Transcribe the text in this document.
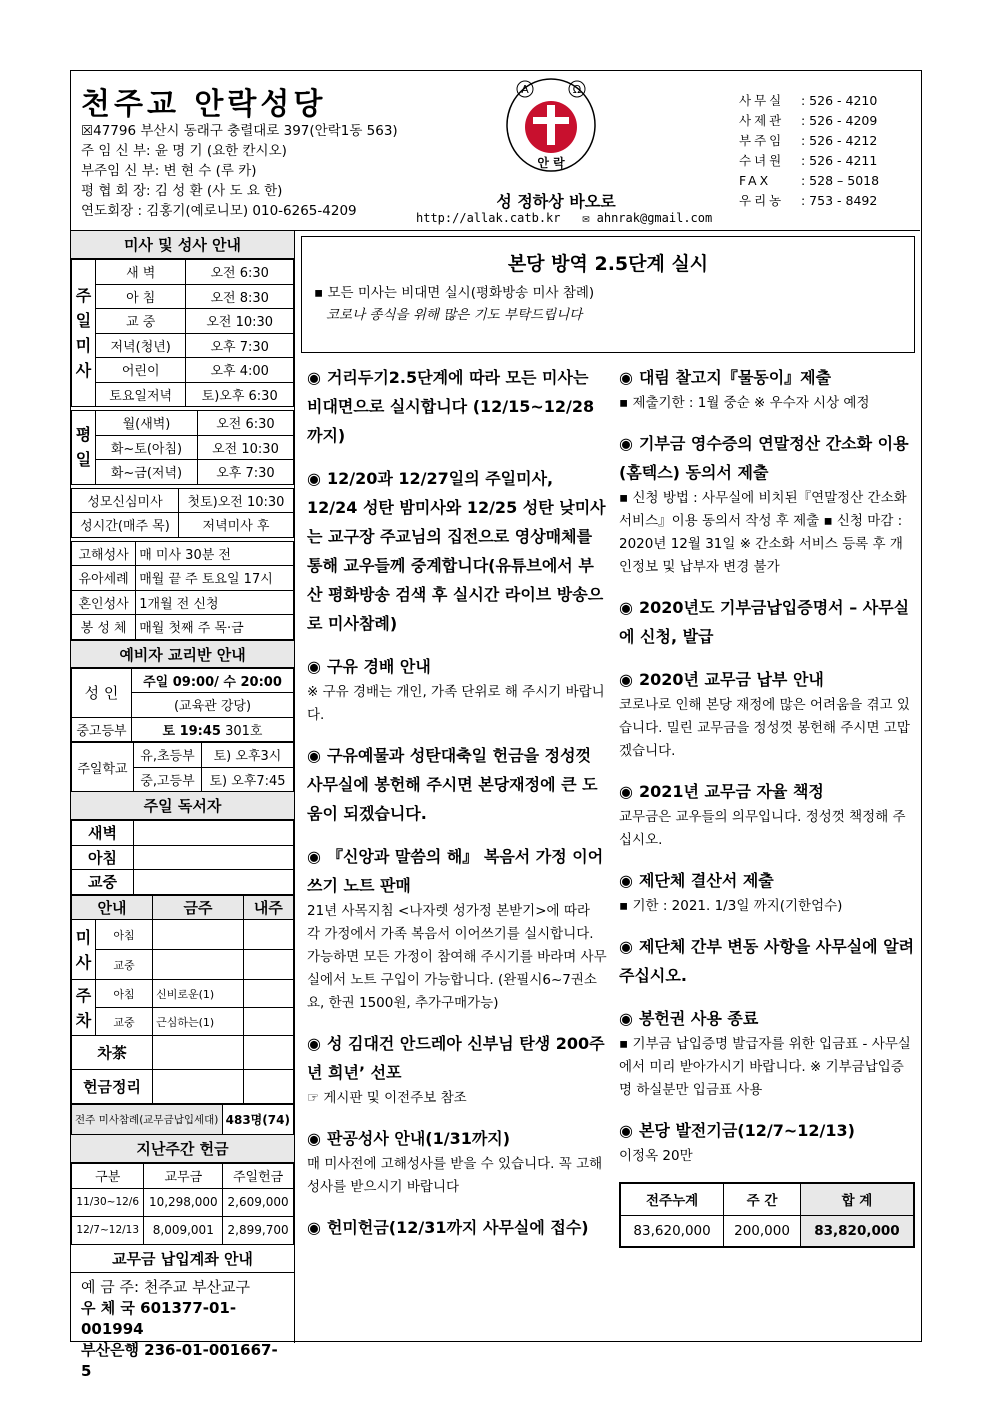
천주교 안락성당
☒47796 부산시 동래구 충렬대로 397(안락1동 563)
주 임 신 부: 윤 명 기 (요한 칸시오)
부주임 신 부: 변 현 수 (루 카)
평 협 회 장: 김 성 환 (사 도 요 한)
연도회장 : 김홍기(예로니모) 010-6265-4209
A	Ω
안 락
성 정하상 바오로
http://allak.catb.kr ✉ ahnrak@gmail.com
사무실 : 526 - 4210
사제관 : 526 - 4209
부주임 : 526 - 4212
수녀원 : 526 - 4211
FAX : 528 – 5018
우리농 : 753 - 8492
미사 및 성사 안내
주일미사	새 벽	오전 6:30
	아 침	오전 8:30
	교 중	오전 10:30
	저녁(청년)	오후 7:30
	어린이	오후 4:00
	토요일저녁	토)오후 6:30
평일	월(새벽)	오전 6:30
	화~토(아침)	오전 10:30
	화~금(저녁)	오후 7:30
성모신심미사	첫토)오전 10:30
성시간(매주 목)	저녁미사 후
고해성사	매 미사 30분 전
유아세례	매월 끝 주 토요일 17시
혼인성사	1개월 전 신청
봉 성 체	매월 첫째 주 목·금
예비자 교리반 안내
성 인	주일 09:00/ 수 20:00
	(교육관 강당)
중고등부	토 19:45 301호
주일학교	유,초등부	토) 오후3시
	중,고등부	토) 오후7:45
주일 독서자
새벽	
아침	
교중	
안내		금주	내주
미사	아침		
	교중		
주차	아침	신비로운(1)	
	교중	근심하는(1)	
차茶			
헌금정리			
전주 미사참례(교무금납입세대)	483명(74)
지난주간 헌금
구분	교무금	주일헌금
11/30~12/6	10,298,000	2,609,000
12/7~12/13	8,009,001	2,899,700
교무금 납입계좌 안내
예 금 주: 천주교 부산교구
우 체 국 601377-01-001994
부산은행 236-01-001667-5
본당 방역 2.5단계 실시

▪ 모든 미사는 비대면 실시(평화방송 미사 참례)

코로나 종식을 위해 많은 기도 부탁드립니다

◉ 거리두기2.5단계에 따라 모든 미사는 비대면으로 실시합니다 (12/15~12/28까지)
◉ 12/20과 12/27일의 주일미사, 12/24 성탄 밤미사와 12/25 성탄 낮미사는 교구장 주교님의 집전으로 영상매체를 통해 교우들께 중계합니다(유튜브에서 부산 평화방송 검색 후 실시간 라이브 방송으로 미사참례)
◉ 구유 경배 안내
※ 구유 경배는 개인, 가족 단위로 해 주시기 바랍니다.
◉ 구유예물과 성탄대축일 헌금을 정성껏 사무실에 봉헌해 주시면 본당재정에 큰 도움이 되겠습니다.
◉ 『신앙과 말씀의 해』 복음서 가정 이어쓰기 노트 판매
21년 사목지침 <나자렛 성가정 본받기>에 따라 각 가정에서 가족 복음서 이어쓰기를 실시합니다. 가능하면 모든 가정이 참여해 주시기를 바라며 사무실에서 노트 구입이 가능합니다. (완필시6~7권소요, 한권 1500원, 추가구매가능)
◉ 성 김대건 안드레아 신부님 탄생 200주년 희년’ 선포
☞ 게시판 및 이전주보 참조
◉ 판공성사 안내(1/31까지)
매 미사전에 고해성사를 받을 수 있습니다. 꼭 고해성사를 받으시기 바랍니다
◉ 헌미헌금(12/31까지 사무실에 접수)
◉ 대림 찰고지『물동이』제출
▪ 제출기한 : 1월 중순 ※ 우수자 시상 예정
◉ 기부금 영수증의 연말정산 간소화 이용(홈텍스) 동의서 제출
▪ 신청 방법 : 사무실에 비치된『연말정산 간소화 서비스』이용 동의서 작성 후 제출 ▪ 신청 마감 : 2020년 12월 31일 ※ 간소화 서비스 등록 후 개인정보 및 납부자 변경 불가
◉ 2020년도 기부금납입증명서 – 사무실에 신청, 발급
◉ 2020년 교무금 납부 안내
코로나로 인해 본당 재정에 많은 어려움을 겪고 있습니다. 밀린 교무금을 정성껏 봉헌해 주시면 고맙겠습니다.
◉ 2021년 교무금 자율 책정
교무금은 교우들의 의무입니다. 정성껏 책정해 주십시오.
◉ 제단체 결산서 제출
▪ 기한 : 2021. 1/3일 까지(기한엄수)
◉ 제단체 간부 변동 사항을 사무실에 알려주십시오.
◉ 봉헌권 사용 종료
▪ 기부금 납입증명 발급자를 위한 입금표 - 사무실에서 미리 받아가시기 바랍니다. ※ 기부금납입증명 하실분만 입금표 사용
◉ 본당 발전기금(12/7~12/13)
이정옥 20만
전주누계	주 간	합 계
83,620,000	200,000	83,820,000
